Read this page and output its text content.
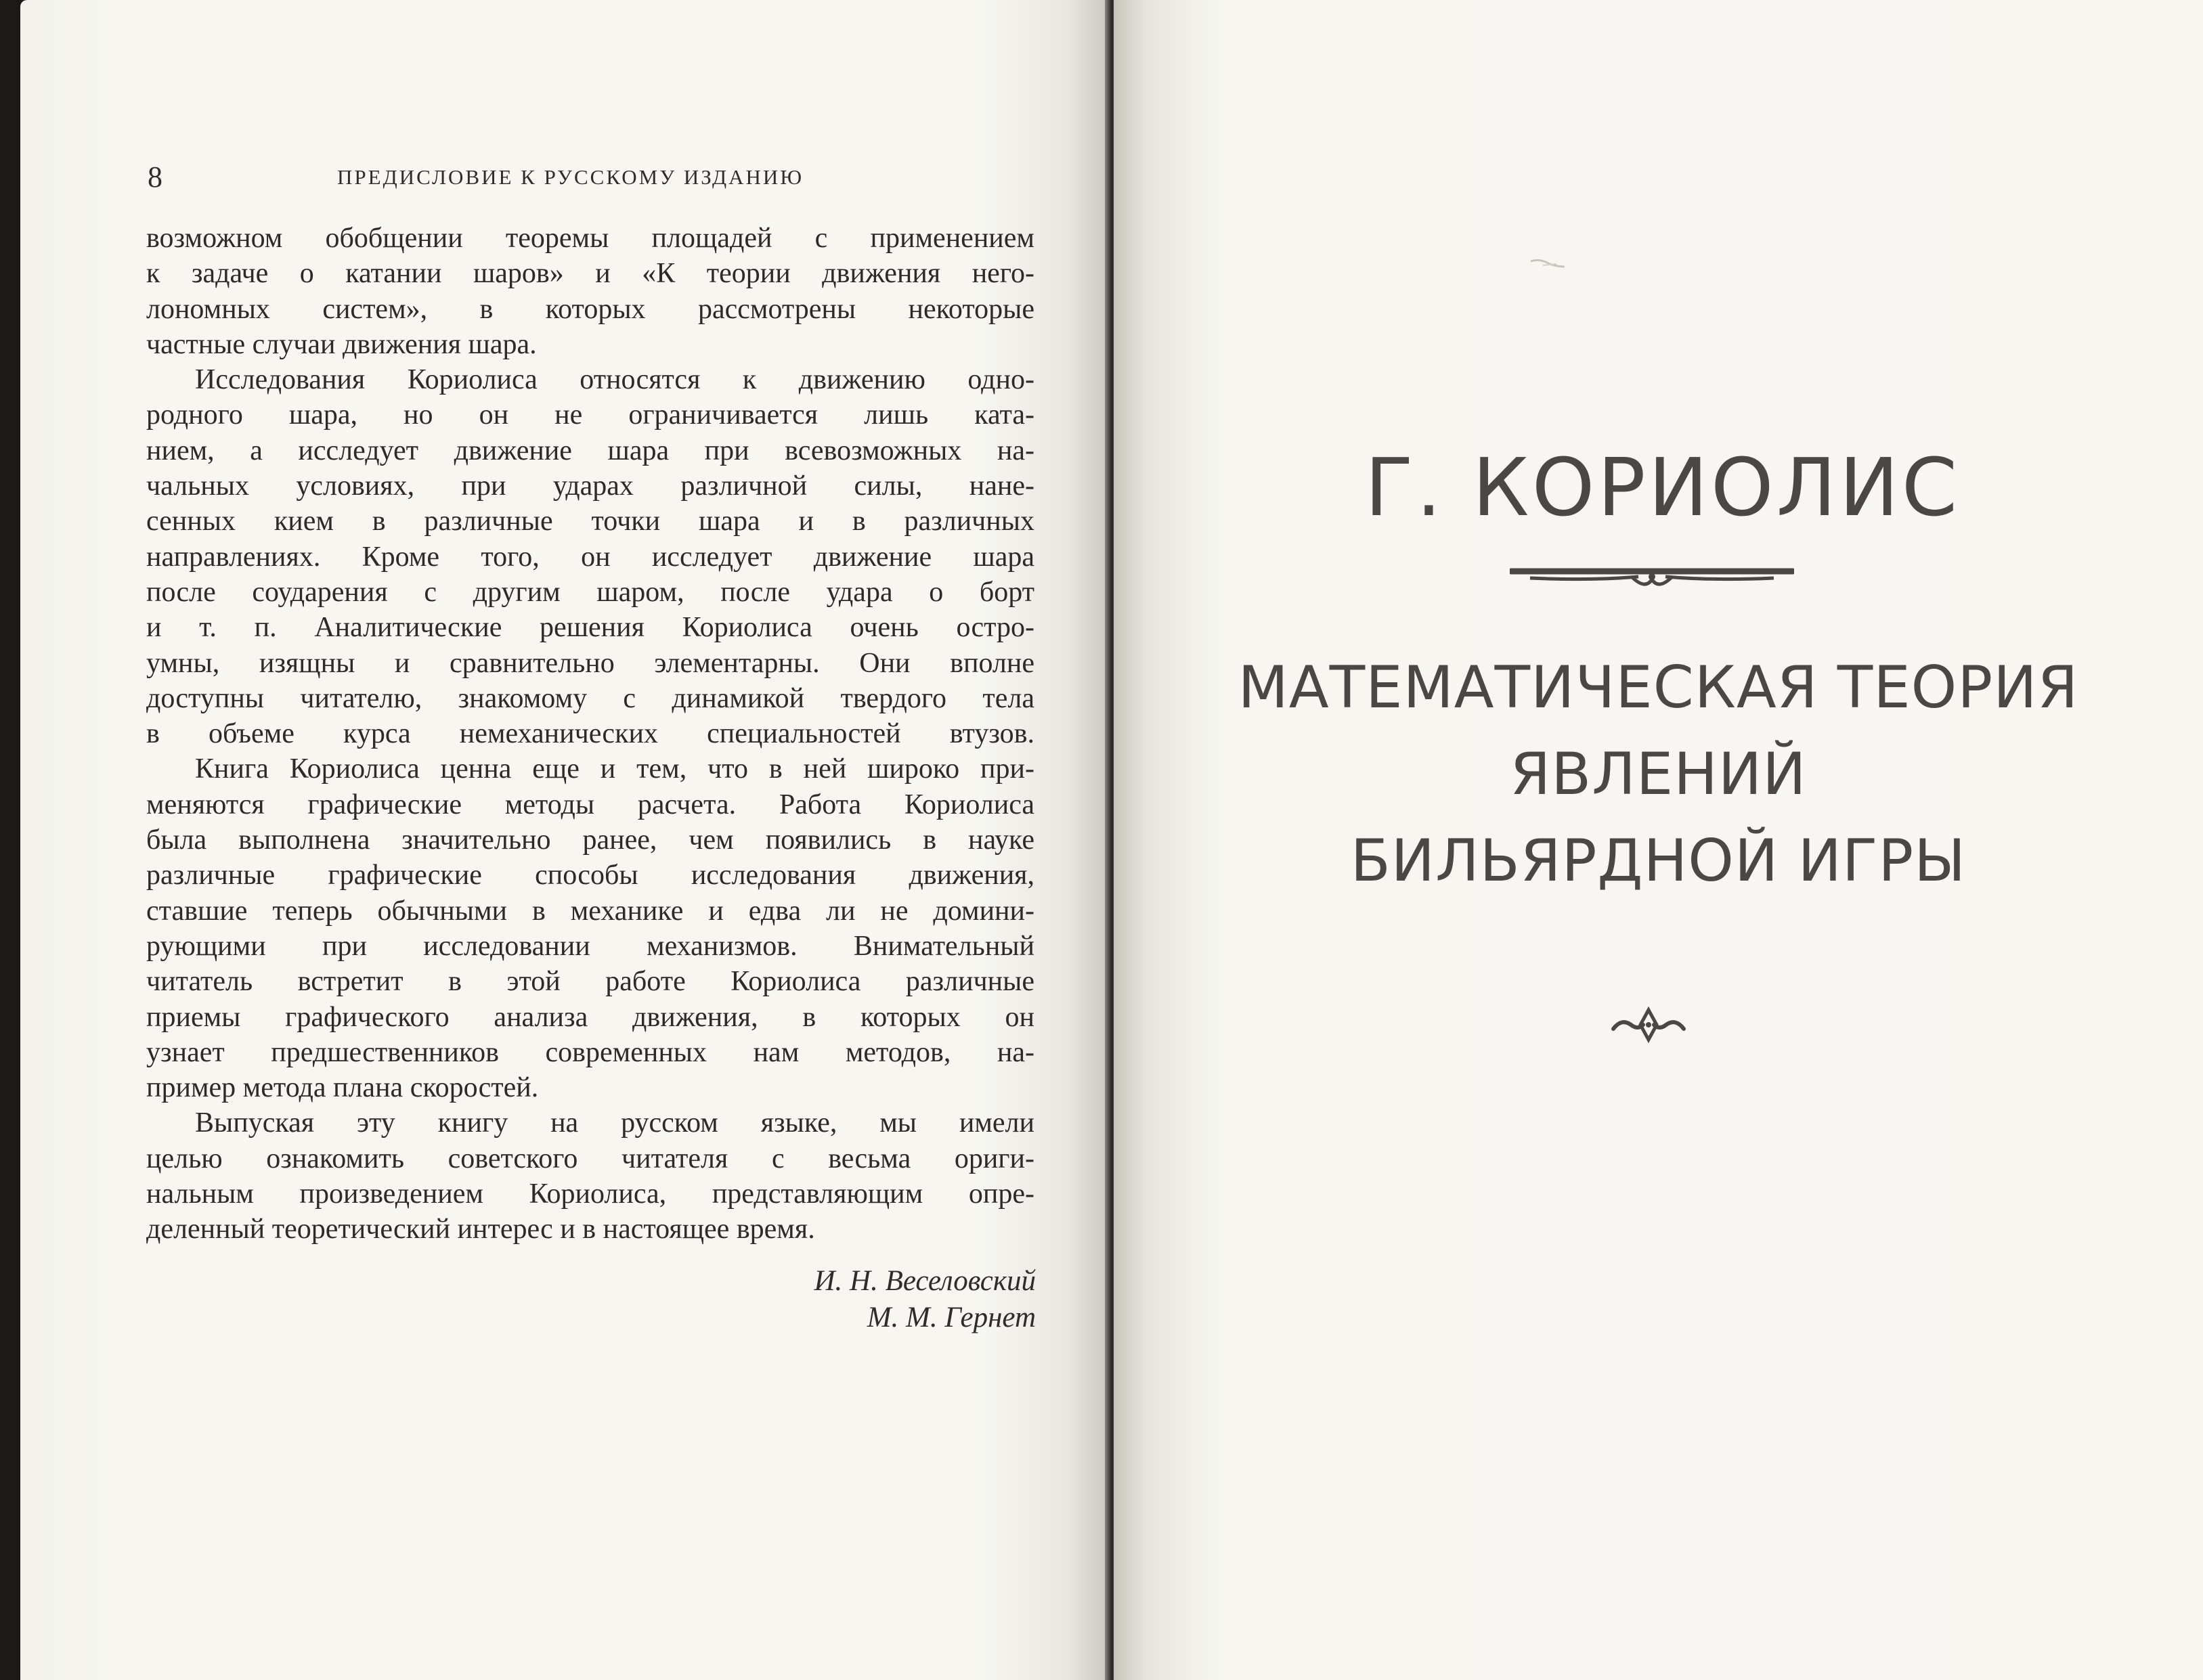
8	ПРЕДИСЛОВИЕ К РУССКОМУ ИЗДАНИЮ
возможном обобщении теоремы площадей с применением
к задаче о катании шаров» и «К теории движения него-
лономных систем», в которых рассмотрены некоторые
частные случаи движения шара.
Исследования Кориолиса относятся к движению одно-
родного шара, но он не ограничивается лишь ката-
нием, а исследует движение шара при всевозможных на-
чальных условиях, при ударах различной силы, нане-
сенных кием в различные точки шара и в различных
направлениях. Кроме того, он исследует движение шара
после соударения с другим шаром, после удара о борт
и т. п. Аналитические решения Кориолиса очень остро-
умны, изящны и сравнительно элементарны. Они вполне
доступны читателю, знакомому с динамикой твердого тела
в объеме курса немеханических специальностей втузов.
Книга Кориолиса ценна еще и тем, что в ней широко при-
меняются графические методы расчета. Работа Кориолиса
была выполнена значительно ранее, чем появились в науке
различные графические способы исследования движения,
ставшие теперь обычными в механике и едва ли не домини-
рующими при исследовании механизмов. Внимательный
читатель встретит в этой работе Кориолиса различные
приемы графического анализа движения, в которых он
узнает предшественников современных нам методов, на-
пример метода плана скоростей.
Выпуская эту книгу на русском языке, мы имели
целью ознакомить советского читателя с весьма ориги-
нальным произведением Кориолиса, представляющим опре-
деленный теоретический интерес и в настоящее время.
И. Н. Веселовский
М. М. Гернет
Г. КОРИОЛИС
МАТЕМАТИЧЕСКАЯ ТЕОРИЯ
ЯВЛЕНИЙ
БИЛЬЯРДНОЙ ИГРЫ
